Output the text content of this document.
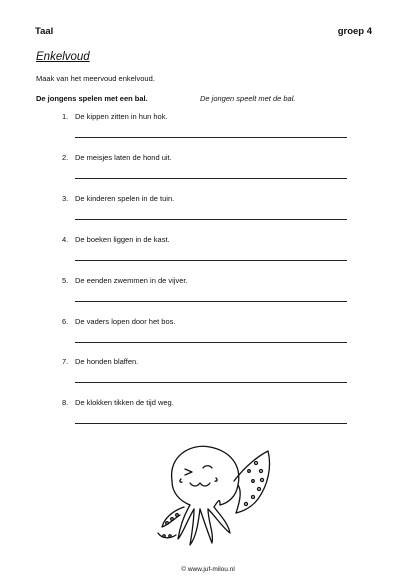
Taal	groep 4
Enkelvoud
Maak van het meervoud enkelvoud.
De jongens spelen met een bal.	De jongen speelt met de bal.
1. De kippen zitten in hun hok.
2. De meisjes laten de hond uit.
3. De kinderen spelen in de tuin.
4. De boeken liggen in de kast.
5. De eenden zwemmen in de vijver.
6. De vaders lopen door het bos.
7. De honden blaffen.
8. De klokken tikken de tijd weg.
© www.juf-milou.nl
